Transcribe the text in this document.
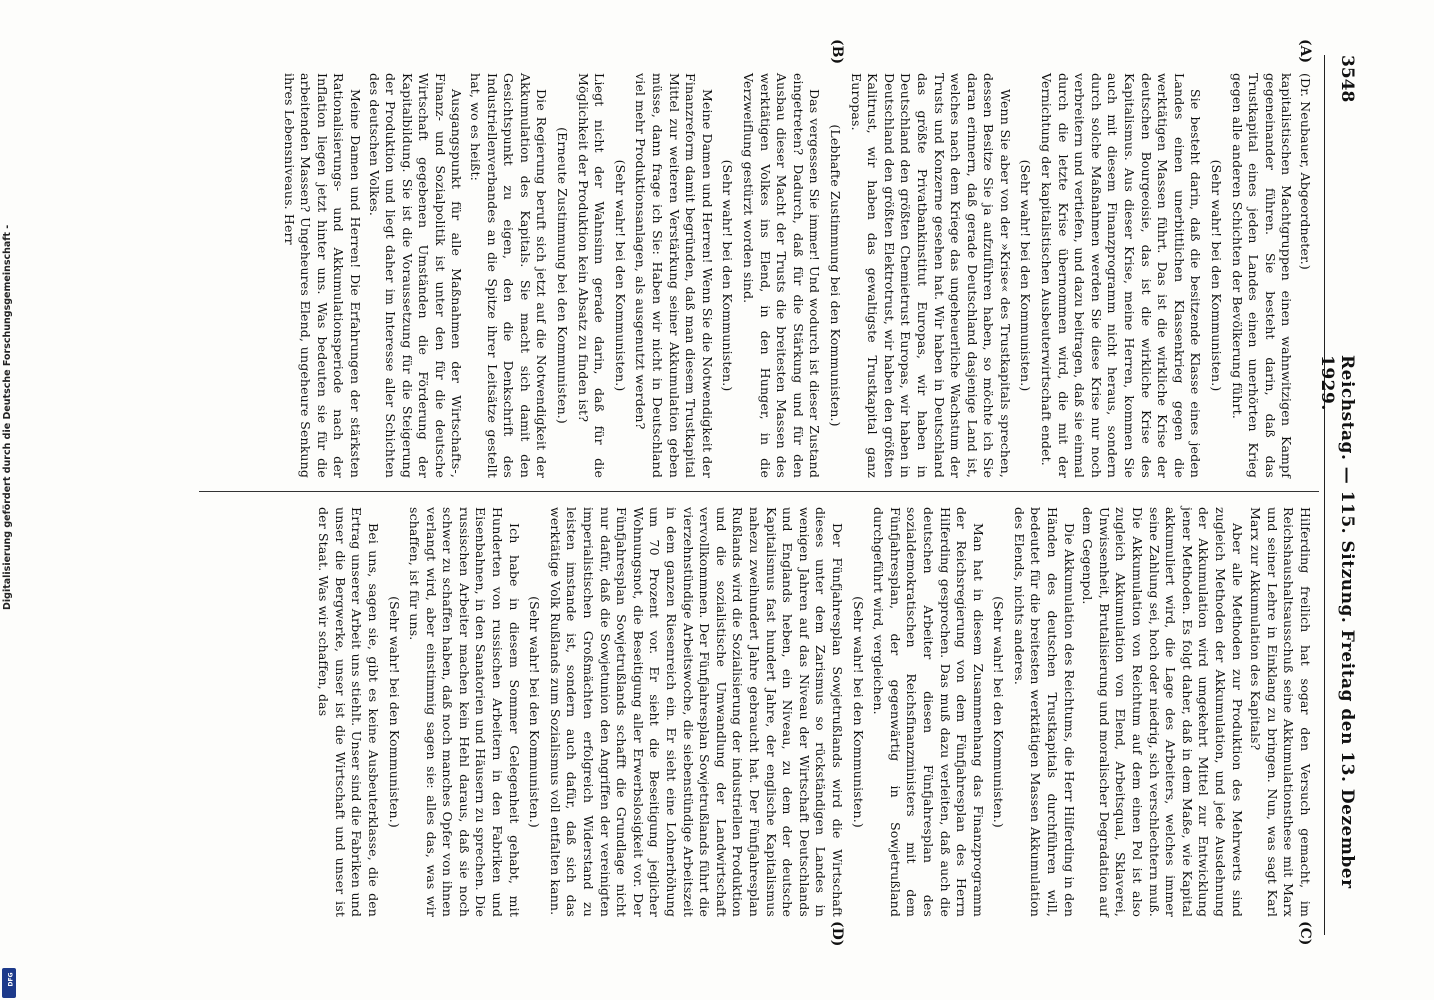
3548
Reichstag. — 115. Sitzung. Freitag den 13. Dezember 1929.
(A)
(B)
(C)
(D)

(Dr. Neubauer, Abgeordneter.)

kapitalistischen Machtgruppen einen wahnwitzigen Kampf gegeneinander führen. Sie besteht darin, daß das Trustkapital eines jeden Landes einen unerhörten Krieg gegen alle anderen Schichten der Bevölkerung führt.

(Sehr wahr! bei den Kommunisten.)

Sie besteht darin, daß die besitzende Klasse eines jeden Landes einen unerbittlichen Klassenkrieg gegen die werktätigen Massen führt. Das ist die wirkliche Krise der deutschen Bourgeoisie, das ist die wirkliche Krise des Kapitalismus. Aus dieser Krise, meine Herren, kommen Sie auch mit diesem Finanzprogramm nicht heraus, sondern durch solche Maßnahmen werden Sie diese Krise nur noch verbreitern und vertiefen, und dazu beitragen, daß sie einmal durch die letzte Krise übernommen wird, die mit der Vernichtung der kapitalistischen Ausbeuterwirtschaft endet.

(Sehr wahr! bei den Kommunisten.)

Wenn Sie aber von der »Krise« des Trustkapitals sprechen, dessen Besitze Sie ja aufzuführen haben, so möchte ich Sie daran erinnern, daß gerade Deutschland dasjenige Land ist, welches nach dem Kriege das ungeheuerliche Wachstum der Trusts und Konzerne gesehen hat. Wir haben in Deutschland das größte Privatbankinstitut Europas, wir haben in Deutschland den größten Chemietrust Europas, wir haben in Deutschland den größten Elektrotrust, wir haben den größten Kalitrust, wir haben das gewaltigste Trustkapital ganz Europas.

(Lebhafte Zustimmung bei den Kommunisten.)

Das vergessen Sie immer! Und wodurch ist dieser Zustand eingetreten? Dadurch, daß für die Stärkung und für den Ausbau dieser Macht der Trusts die breitesten Massen des werktätigen Volkes ins Elend, in den Hunger, in die Verzweiflung gestürzt worden sind.

(Sehr wahr! bei den Kommunisten.)

Meine Damen und Herren! Wenn Sie die Notwendigkeit der Finanzreform damit begründen, daß man diesem Trustkapital Mittel zur weiteren Verstärkung seiner Akkumulation geben müsse, dann frage ich Sie: Haben wir nicht in Deutschland viel mehr Produktionsanlagen, als ausgenutzt werden?

(Sehr wahr! bei den Kommunisten.)

Liegt nicht der Wahnsinn gerade darin, daß für die Möglichkeit der Produktion kein Absatz zu finden ist?

(Erneute Zustimmung bei den Kommunisten.)

Die Regierung beruft sich jetzt auf die Notwendigkeit der Akkumulation des Kapitals. Sie macht sich damit den Gesichtspunkt zu eigen, den die Denkschrift des Industriellenverbandes an die Spitze ihrer Leitsätze gestellt hat, wo es heißt:

Ausgangspunkt für alle Maßnahmen der Wirtschafts-, Finanz- und Sozialpolitik ist unter den für die deutsche Wirtschaft gegebenen Umständen die Förderung der Kapitalbildung. Sie ist die Voraussetzung für die Steigerung der Produktion und liegt daher im Interesse aller Schichten des deutschen Volkes.

Meine Damen und Herren! Die Erfahrungen der stärksten Rationalisierungs- und Akkumulationsperiode nach der Inflation liegen jetzt hinter uns. Was bedeuten sie für die arbeitenden Massen? Ungeheures Elend, ungeheure Senkung ihres Lebensniveaus. Herr

Hilferding freilich hat sogar den Versuch gemacht, im Reichshaushaltsausschuß seine Akkumulationsthese mit Marx und seiner Lehre in Einklang zu bringen. Nun, was sagt Karl Marx zur Akkumulation des Kapitals?

Aber alle Methoden zur Produktion des Mehrwerts sind zugleich Methoden der Akkumulation, und jede Ausdehnung der Akkumulation wird umgekehrt Mittel zur Entwicklung jener Methoden. Es folgt daher, daß in dem Maße, wie Kapital akkumuliert wird, die Lage des Arbeiters, welches immer seine Zahlung sei, hoch oder niedrig, sich verschlechtern muß. Die Akkumulation von Reichtum auf dem einen Pol ist also zugleich Akkumulation von Elend, Arbeitsqual, Sklaverei, Unwissenheit, Brutalisierung und moralischer Degradation auf dem Gegenpol.

Die Akkumulation des Reichtums, die Herr Hilferding in den Händen des deutschen Trustkapitals durchführen will, bedeutet für die breitesten werktätigen Massen Akkumulation des Elends, nichts anderes.

(Sehr wahr! bei den Kommunisten.)

Man hat in diesem Zusammenhang das Finanzprogramm der Reichsregierung von dem Fünfjahresplan des Herrn Hilferding gesprochen. Das muß dazu verleiten, daß auch die deutschen Arbeiter diesen Fünfjahresplan des sozialdemokratischen Reichsfinanzministers mit dem Fünfjahresplan, der gegenwärtig in Sowjetrußland durchgeführt wird, vergleichen.

(Sehr wahr! bei den Kommunisten.)

Der Fünfjahresplan Sowjetrußlands wird die Wirtschaft dieses unter dem Zarismus so rückständigen Landes in wenigen Jahren auf das Niveau der Wirtschaft Deutschlands und Englands heben, ein Niveau, zu dem der deutsche Kapitalismus fast hundert Jahre, der englische Kapitalismus nahezu zweihundert Jahre gebraucht hat. Der Fünfjahresplan Rußlands wird die Sozialisierung der industriellen Produktion und die sozialistische Umwandlung der Landwirtschaft vervollkommnen. Der Fünfjahresplan Sowjetrußlands führt die vierzehnstündige Arbeitswoche, die siebenstündige Arbeitszeit in dem ganzen Riesenreich ein. Er sieht eine Lohnerhöhung um 70 Prozent vor. Er sieht die Beseitigung jeglicher Wohnungsnot, die Beseitigung aller Erwerbslosigkeit vor. Der Fünfjahresplan Sowjetrußlands schafft die Grundlage nicht nur dafür, daß die Sowjetunion den Angriffen der vereinigten imperialistischen Großmächten erfolgreich Widerstand zu leisten imstande ist, sondern auch dafür, daß sich das werktätige Volk Rußlands zum Sozialismus voll entfalten kann.

(Sehr wahr! bei den Kommunisten.)

Ich habe in diesem Sommer Gelegenheit gehabt, mit Hunderten von russischen Arbeitern in den Fabriken und Eisenbahnen, in den Sanatorien und Häusern zu sprechen. Die russischen Arbeiter machen kein Hehl daraus, daß sie noch schwer zu schaffen haben, daß noch manches Opfer von ihnen verlangt wird, aber einstimmig sagen sie: alles das, was wir schaffen, ist für uns.

(Sehr wahr! bei den Kommunisten.)

Bei uns, sagen sie, gibt es keine Ausbeuterklasse, die den Ertrag unserer Arbeit uns stiehlt. Unser sind die Fabriken und unser die Bergwerke, unser ist die Wirtschaft und unser ist der Staat. Was wir schaffen, das

Digitalisierung gefördert durch die Deutsche Forschungsgemeinschaft -
DFG
